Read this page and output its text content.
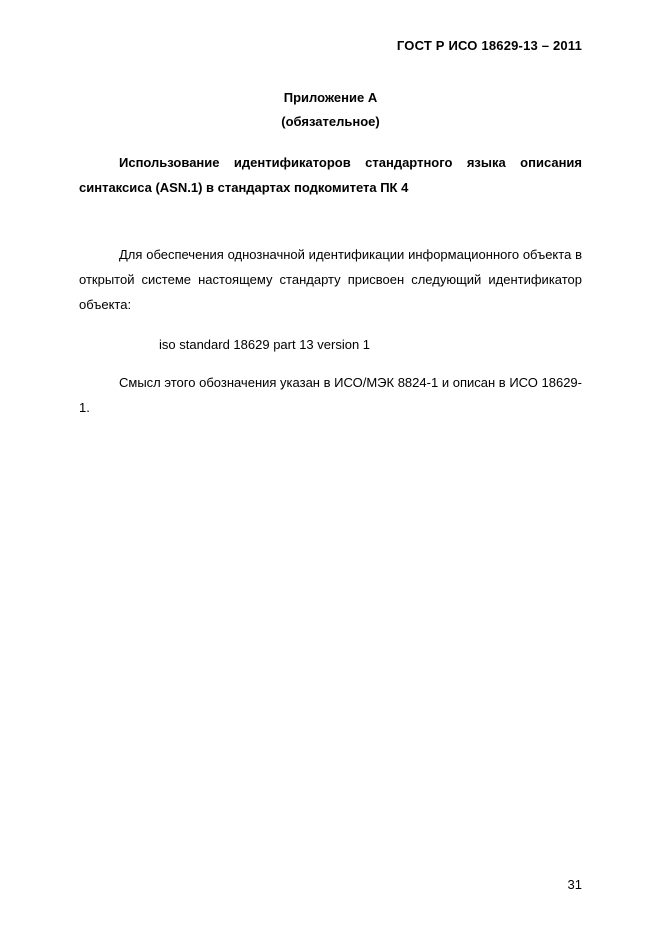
ГОСТ Р ИСО 18629-13 – 2011
Приложение А
(обязательное)
Использование идентификаторов стандартного языка описания синтаксиса (ASN.1) в стандартах подкомитета ПК 4
Для обеспечения однозначной идентификации информационного объекта в открытой системе настоящему стандарту присвоен следующий идентификатор объекта:
iso standard 18629 part 13 version 1
Смысл этого обозначения указан в ИСО/МЭК 8824-1 и описан в ИСО 18629-1.
31
